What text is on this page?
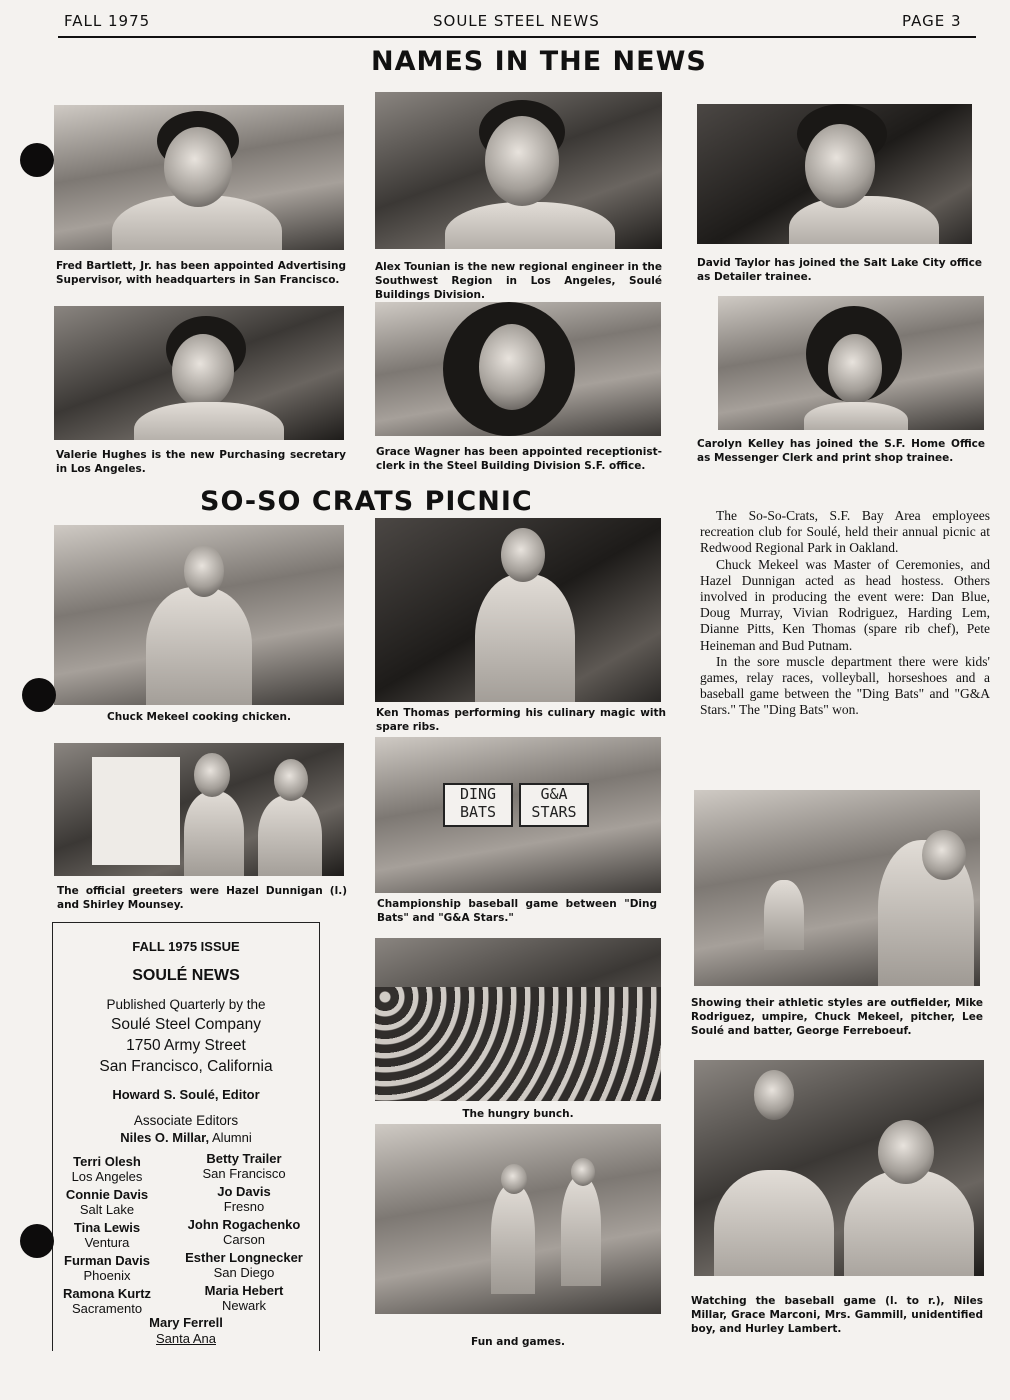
FALL 1975	SOULE STEEL NEWS	PAGE 3
NAMES IN THE NEWS
Fred Bartlett, Jr. has been appointed Advertising Supervisor, with headquarters in San Francisco.
Alex Tounian is the new regional engineer in the Southwest Region in Los Angeles, Soulé Buildings Division.
David Taylor has joined the Salt Lake City office as Detailer trainee.
Valerie Hughes is the new Purchasing secretary in Los Angeles.
Grace Wagner has been appointed receptionist-clerk in the Steel Building Division S.F. office.
Carolyn Kelley has joined the S.F. Home Office as Messenger Clerk and print shop trainee.
SO-SO CRATS PICNIC
Chuck Mekeel cooking chicken.	Ken Thomas performing his culinary magic with spare ribs.

The So-So-Crats, S.F. Bay Area employees recreation club for Soulé, held their annual picnic at Redwood Regional Park in Oakland.

Chuck Mekeel was Master of Ceremonies, and Hazel Dunnigan acted as head hostess. Others involved in producing the event were: Dan Blue, Doug Murray, Vivian Rodriguez, Harding Lem, Dianne Pitts, Ken Thomas (spare rib chef), Pete Heineman and Bud Putnam.

In the sore muscle department there were kids' games, relay races, volleyball, horseshoes and a baseball game between the "Ding Bats" and "G&A Stars." The "Ding Bats" won.

The official greeters were Hazel Dunnigan (l.) and Shirley Mounsey.
DING BATS
G&A STARS
Championship baseball game between "Ding Bats" and "G&A Stars."
Showing their athletic styles are outfielder, Mike Rodriguez, umpire, Chuck Mekeel, pitcher, Lee Soulé and batter, George Ferreboeuf.
FALL 1975 ISSUE
SOULÉ NEWS
Published Quarterly by the
Soulé Steel Company
1750 Army Street
San Francisco, California
Howard S. Soulé, Editor
Associate Editors
Niles O. Millar, Alumni
Terri Olesh
Los Angeles
Connie Davis
Salt Lake
Tina Lewis
Ventura
Furman Davis
Phoenix
Ramona Kurtz
Sacramento
Betty Trailer
San Francisco
Jo Davis
Fresno
John Rogachenko
Carson
Esther Longnecker
San Diego
Maria Hebert
Newark
Mary Ferrell
Santa Ana
The hungry bunch.
Fun and games.
Watching the baseball game (l. to r.), Niles Millar, Grace Marconi, Mrs. Gammill, unidentified boy, and Hurley Lambert.
